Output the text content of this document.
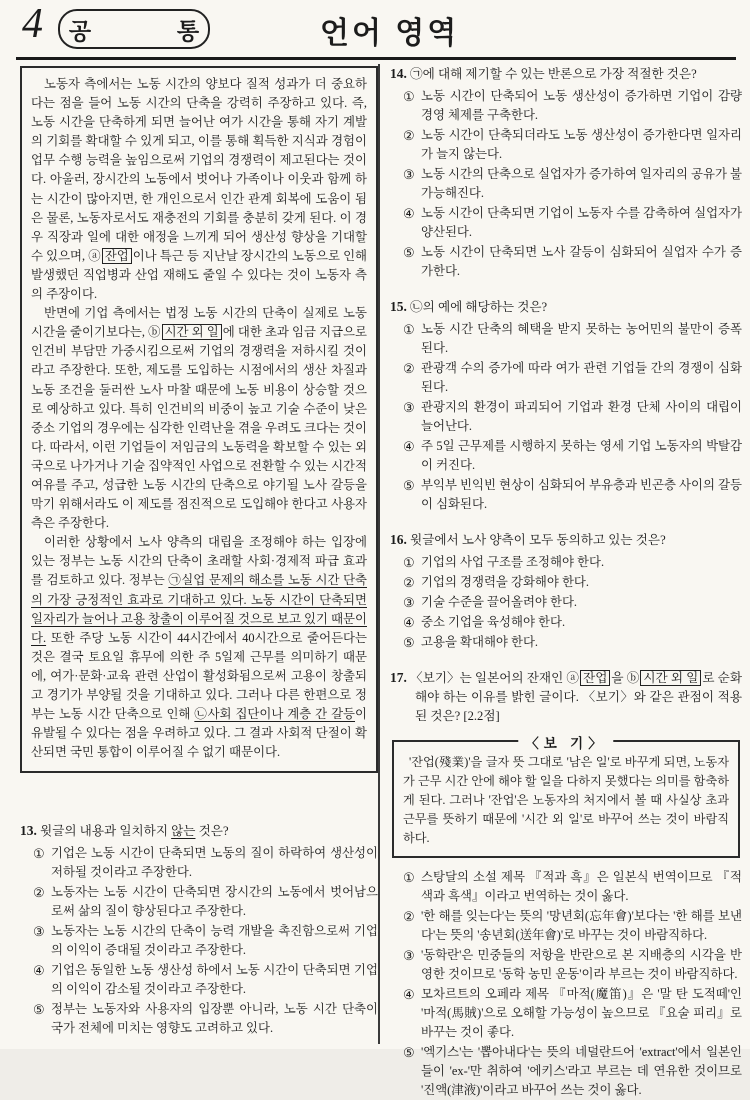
4 공 통	언어 영역

노동자 측에서는 노동 시간의 양보다 질적 성과가 더 중요하다는 점을 들어 노동 시간의 단축을 강력히 주장하고 있다. 즉, 노동 시간을 단축하게 되면 늘어난 여가 시간을 통해 자기 계발의 기회를 확대할 수 있게 되고, 이를 통해 획득한 지식과 경험이 업무 수행 능력을 높임으로써 기업의 경쟁력이 제고된다는 것이다. 아울러, 장시간의 노동에서 벗어나 가족이나 이웃과 함께 하는 시간이 많아지면, 한 개인으로서 인간 관계 회복에 도움이 됨은 물론, 노동자로서도 재충전의 기회를 충분히 갖게 된다. 이 경우 직장과 일에 대한 애정을 느끼게 되어 생산성 향상을 기대할 수 있으며, ⓐ 잔업 이나 특근 등 지난날 장시간의 노동으로 인해 발생했던 직업병과 산업 재해도 줄일 수 있다는 것이 노동자 측의 주장이다.

반면에 기업 측에서는 법정 노동 시간의 단축이 실제로 노동 시간을 줄이기보다는, ⓑ 시간 외 일 에 대한 초과 임금 지급으로 인건비 부담만 가중시킴으로써 기업의 경쟁력을 저하시킬 것이라고 주장한다. 또한, 제도를 도입하는 시점에서의 생산 차질과 노동 조건을 둘러싼 노사 마찰 때문에 노동 비용이 상승할 것으로 예상하고 있다. 특히 인건비의 비중이 높고 기술 수준이 낮은 중소 기업의 경우에는 심각한 인력난을 겪을 우려도 크다는 것이다. 따라서, 이런 기업들이 저임금의 노동력을 확보할 수 있는 외국으로 나가거나 기술 집약적인 사업으로 전환할 수 있는 시간적 여유를 주고, 성급한 노동 시간의 단축으로 야기될 노사 갈등을 막기 위해서라도 이 제도를 점진적으로 도입해야 한다고 사용자 측은 주장한다.

이러한 상황에서 노사 양측의 대립을 조정해야 하는 입장에 있는 정부는 노동 시간의 단축이 초래할 사회·경제적 파급 효과를 검토하고 있다. 정부는 ㉠실업 문제의 해소를 노동 시간 단축의 가장 긍정적인 효과로 기대하고 있다. 노동 시간이 단축되면 일자리가 늘어나 고용 창출이 이루어질 것으로 보고 있기 때문이다. 또한 주당 노동 시간이 44시간에서 40시간으로 줄어든다는 것은 결국 토요일 휴무에 의한 주 5일제 근무를 의미하기 때문에, 여가·문화·교육 관련 산업이 활성화됨으로써 고용이 창출되고 경기가 부양될 것을 기대하고 있다. 그러나 다른 한편으로 정부는 노동 시간 단축으로 인해 ㉡사회 집단이나 계층 간 갈등이 유발될 수 있다는 점을 우려하고 있다. 그 결과 사회적 단절이 확산되면 국민 통합이 이루어질 수 없기 때문이다.

13. 윗글의 내용과 일치하지 않는 것은?
① 기업은 노동 시간이 단축되면 노동의 질이 하락하여 생산성이 저하될 것이라고 주장한다.
② 노동자는 노동 시간이 단축되면 장시간의 노동에서 벗어남으로써 삶의 질이 향상된다고 주장한다.
③ 노동자는 노동 시간의 단축이 능력 개발을 촉진함으로써 기업의 이익이 증대될 것이라고 주장한다.
④ 기업은 동일한 노동 생산성 하에서 노동 시간이 단축되면 기업의 이익이 감소될 것이라고 주장한다.
⑤ 정부는 노동자와 사용자의 입장뿐 아니라, 노동 시간 단축이 국가 전체에 미치는 영향도 고려하고 있다.
14. ㉠에 대해 제기할 수 있는 반론으로 가장 적절한 것은?
① 노동 시간이 단축되어 노동 생산성이 증가하면 기업이 감량 경영 체제를 구축한다.
② 노동 시간이 단축되더라도 노동 생산성이 증가한다면 일자리가 늘지 않는다.
③ 노동 시간의 단축으로 실업자가 증가하여 일자리의 공유가 불가능해진다.
④ 노동 시간이 단축되면 기업이 노동자 수를 감축하여 실업자가 양산된다.
⑤ 노동 시간이 단축되면 노사 갈등이 심화되어 실업자 수가 증가한다.
15. ㉡의 예에 해당하는 것은?
① 노동 시간 단축의 혜택을 받지 못하는 농어민의 불만이 증폭된다.
② 관광객 수의 증가에 따라 여가 관련 기업들 간의 경쟁이 심화된다.
③ 관광지의 환경이 파괴되어 기업과 환경 단체 사이의 대립이 늘어난다.
④ 주 5일 근무제를 시행하지 못하는 영세 기업 노동자의 박탈감이 커진다.
⑤ 부익부 빈익빈 현상이 심화되어 부유층과 빈곤층 사이의 갈등이 심화된다.
16. 윗글에서 노사 양측이 모두 동의하고 있는 것은?
① 기업의 사업 구조를 조정해야 한다.
② 기업의 경쟁력을 강화해야 한다.
③ 기술 수준을 끌어올려야 한다.
④ 중소 기업을 육성해야 한다.
⑤ 고용을 확대해야 한다.
17. 〈보기〉는 일본어의 잔재인 ⓐ 잔업 을 ⓑ 시간 외 일 로 순화해야 하는 이유를 밝힌 글이다. 〈보기〉와 같은 관점이 적용된 것은? [2.2점]
〈보 기〉

'잔업(殘業)'을 글자 뜻 그대로 '남은 일'로 바꾸게 되면, 노동자가 근무 시간 안에 해야 할 일을 다하지 못했다는 의미를 함축하게 된다. 그러나 '잔업'은 노동자의 처지에서 볼 때 사실상 초과 근무를 뜻하기 때문에 '시간 외 일'로 바꾸어 쓰는 것이 바람직하다.

① 스탕달의 소설 제목 『적과 흑』은 일본식 번역이므로 『적색과 흑색』이라고 번역하는 것이 옳다.
② '한 해를 잊는다'는 뜻의 '망년회(忘年會)'보다는 '한 해를 보낸다'는 뜻의 '송년회(送年會)'로 바꾸는 것이 바람직하다.
③ '동학란'은 민중들의 저항을 반란으로 본 지배층의 시각을 반영한 것이므로 '동학 농민 운동'이라 부르는 것이 바람직하다.
④ 모차르트의 오페라 제목 『마적(魔笛)』은 '말 탄 도적떼'인 '마적(馬賊)'으로 오해할 가능성이 높으므로 『요술 피리』로 바꾸는 것이 좋다.
⑤ '엑기스'는 '뽑아내다'는 뜻의 네덜란드어 'extract'에서 일본인들이 'ex-'만 취하여 '에키스'라고 부르는 데 연유한 것이므로 '진액(津液)'이라고 바꾸어 쓰는 것이 옳다.
